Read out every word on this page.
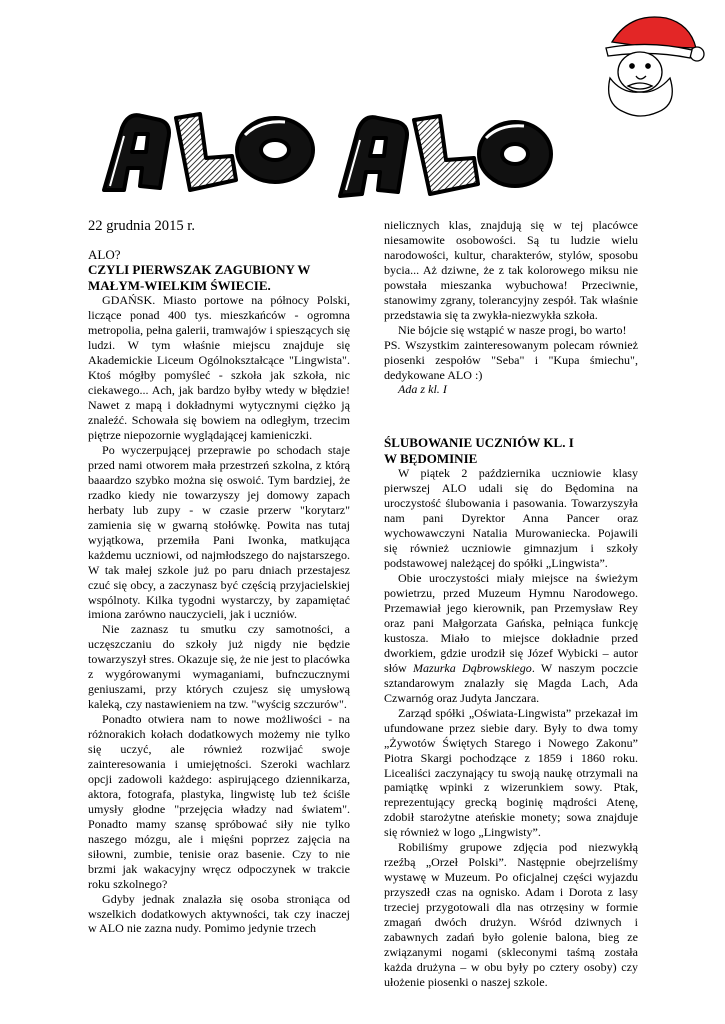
22 grudnia 2015 r.
ALO?
CZYLI PIERWSZAK ZAGUBIONY W MAŁYM-WIELKIM ŚWIECIE.

GDAŃSK. Miasto portowe na północy Polski, liczące ponad 400 tys. mieszkańców - ogromna metropolia, pełna galerii, tramwajów i spieszących się ludzi. W tym właśnie miejscu znajduje się Akademickie Liceum Ogólnokształcące "Lingwista". Ktoś mógłby pomyśleć - szkoła jak szkoła, nic ciekawego... Ach, jak bardzo byłby wtedy w błędzie! Nawet z mapą i dokładnymi wytycznymi ciężko ją znaleźć. Schowała się bowiem na odległym, trzecim piętrze niepozornie wyglądającej kamieniczki.

Po wyczerpującej przeprawie po schodach staje przed nami otworem mała przestrzeń szkolna, z którą baaardzo szybko można się oswoić. Tym bardziej, że rzadko kiedy nie towarzyszy jej domowy zapach herbaty lub zupy - w czasie przerw "korytarz" zamienia się w gwarną stołówkę. Powita nas tutaj wyjątkowa, przemiła Pani Iwonka, matkująca każdemu uczniowi, od najmłodszego do najstarszego. W tak małej szkole już po paru dniach przestajesz czuć się obcy, a zaczynasz być częścią przyjacielskiej wspólnoty. Kilka tygodni wystarczy, by zapamiętać imiona zarówno nauczycieli, jak i uczniów.

Nie zaznasz tu smutku czy samotności, a uczęszczaniu do szkoły już nigdy nie będzie towarzyszył stres. Okazuje się, że nie jest to placówka z wygórowanymi wymaganiami, bufnczucznymi geniuszami, przy których czujesz się umysłową kaleką, czy nastawieniem na tzw. "wyścig szczurów".

Ponadto otwiera nam to nowe możliwości - na różnorakich kołach dodatkowych możemy nie tylko się uczyć, ale również rozwijać swoje zainteresowania i umiejętności. Szeroki wachlarz opcji zadowoli każdego: aspirującego dziennikarza, aktora, fotografa, plastyka, lingwistę lub też ściśle umysły głodne "przejęcia władzy nad światem". Ponadto mamy szansę spróbować siły nie tylko naszego mózgu, ale i mięśni poprzez zajęcia na siłowni, zumbie, tenisie oraz basenie. Czy to nie brzmi jak wakacyjny wręcz odpoczynek w trakcie roku szkolnego?

Gdyby jednak znalazła się osoba stroniąca od wszelkich dodatkowych aktywności, tak czy inaczej w ALO nie zazna nudy. Pomimo jedynie trzech

nielicznych klas, znajdują się w tej placówce niesamowite osobowości. Są tu ludzie wielu narodowości, kultur, charakterów, stylów, sposobu bycia... Aż dziwne, że z tak kolorowego miksu nie powstała mieszanka wybuchowa! Przeciwnie, stanowimy zgrany, tolerancyjny zespół. Tak właśnie przedstawia się ta zwykła-niezwykła szkoła.

Nie bójcie się wstąpić w nasze progi, bo warto!

PS. Wszystkim zainteresowanym polecam również piosenki zespołów "Seba" i "Kupa śmiechu", dedykowane ALO :)

Ada z kl. I

ŚLUBOWANIE UCZNIÓW KL. I
W BĘDOMINIE

W piątek 2 października uczniowie klasy pierwszej ALO udali się do Będomina na uroczystość ślubowania i pasowania. Towarzyszyła nam pani Dyrektor Anna Pancer oraz wychowawczyni Natalia Murowaniecka. Pojawili się również uczniowie gimnazjum i szkoły podstawowej należącej do spółki „Lingwista”.

Obie uroczystości miały miejsce na świeżym powietrzu, przed Muzeum Hymnu Narodowego. Przemawiał jego kierownik, pan Przemysław Rey oraz pani Małgorzata Gańska, pełniąca funkcję kustosza. Miało to miejsce dokładnie przed dworkiem, gdzie urodził się Józef Wybicki – autor słów Mazurka Dąbrowskiego. W naszym poczcie sztandarowym znalazły się Magda Lach, Ada Czwarnóg oraz Judyta Janczara.

Zarząd spółki „Oświata-Lingwista” przekazał im ufundowane przez siebie dary. Były to dwa tomy „Żywotów Świętych Starego i Nowego Zakonu” Piotra Skargi pochodzące z 1859 i 1860 roku. Licealiści zaczynający tu swoją naukę otrzymali na pamiątkę wpinki z wizerunkiem sowy. Ptak, reprezentujący grecką boginię mądrości Atenę, zdobił starożytne ateńskie monety; sowa znajduje się również w logo „Lingwisty”.

Robiliśmy grupowe zdjęcia pod niezwykłą rzeźbą „Orzeł Polski”. Następnie obejrzeliśmy wystawę w Muzeum. Po oficjalnej części wyjazdu przyszedł czas na ognisko. Adam i Dorota z lasy trzeciej przygotowali dla nas otrzęsiny w formie zmagań dwóch drużyn. Wśród dziwnych i zabawnych zadań było golenie balona, bieg ze związanymi nogami (skleconymi taśmą została każda drużyna – w obu były po cztery osoby) czy ułożenie piosenki o naszej szkole.
